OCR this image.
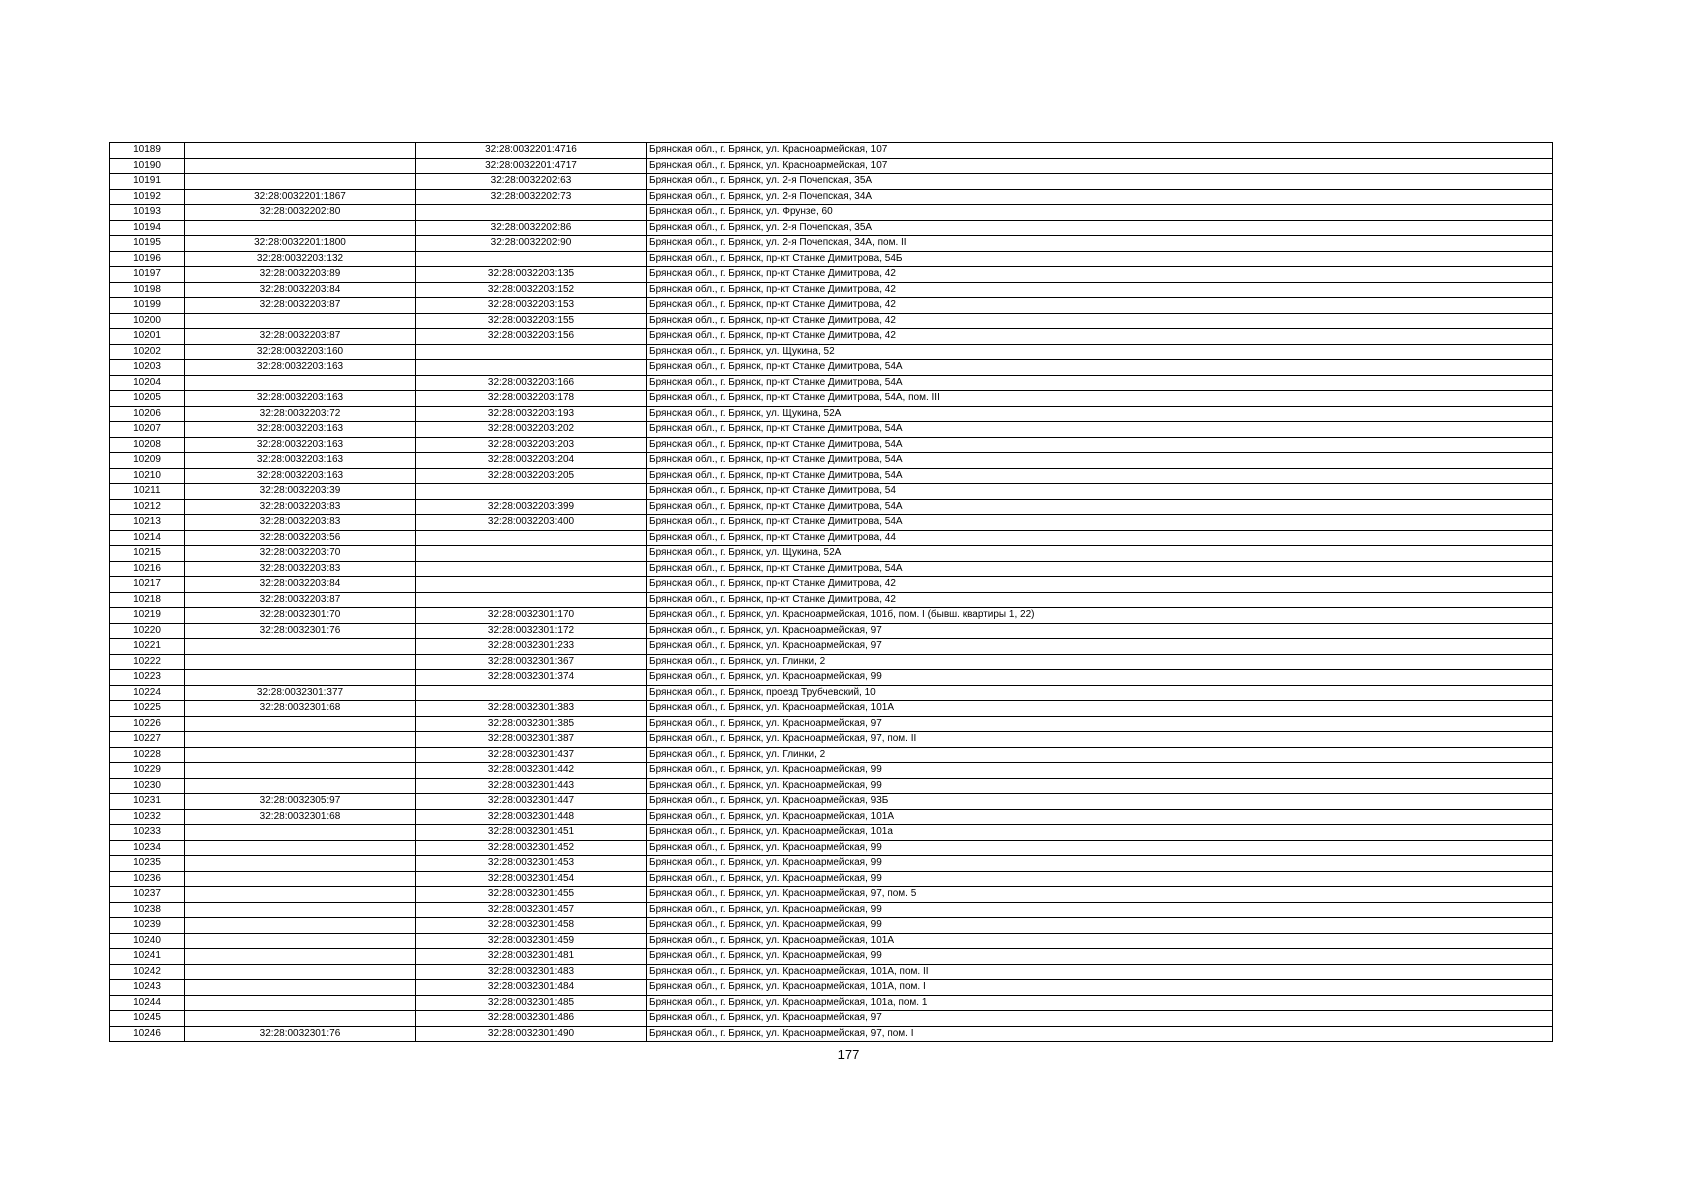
10189		32:28:0032201:4716	Брянская обл., г. Брянск, ул. Красноармейская, 107
10190		32:28:0032201:4717	Брянская обл., г. Брянск, ул. Красноармейская, 107
10191		32:28:0032202:63	Брянская обл., г. Брянск, ул. 2-я Почепская, 35А
10192	32:28:0032201:1867	32:28:0032202:73	Брянская обл., г. Брянск, ул. 2-я Почепская, 34А
10193	32:28:0032202:80		Брянская обл., г. Брянск, ул. Фрунзе, 60
10194		32:28:0032202:86	Брянская обл., г. Брянск, ул. 2-я Почепская, 35А
10195	32:28:0032201:1800	32:28:0032202:90	Брянская обл., г. Брянск, ул. 2-я Почепская, 34А, пом. II
10196	32:28:0032203:132		Брянская обл., г. Брянск, пр-кт Станке Димитрова, 54Б
10197	32:28:0032203:89	32:28:0032203:135	Брянская обл., г. Брянск, пр-кт Станке Димитрова, 42
10198	32:28:0032203:84	32:28:0032203:152	Брянская обл., г. Брянск, пр-кт Станке Димитрова, 42
10199	32:28:0032203:87	32:28:0032203:153	Брянская обл., г. Брянск, пр-кт Станке Димитрова, 42
10200		32:28:0032203:155	Брянская обл., г. Брянск, пр-кт Станке Димитрова, 42
10201	32:28:0032203:87	32:28:0032203:156	Брянская обл., г. Брянск, пр-кт Станке Димитрова, 42
10202	32:28:0032203:160		Брянская обл., г. Брянск, ул. Щукина, 52
10203	32:28:0032203:163		Брянская обл., г. Брянск, пр-кт Станке Димитрова, 54А
10204		32:28:0032203:166	Брянская обл., г. Брянск, пр-кт Станке Димитрова, 54А
10205	32:28:0032203:163	32:28:0032203:178	Брянская обл., г. Брянск, пр-кт Станке Димитрова, 54А, пом. III
10206	32:28:0032203:72	32:28:0032203:193	Брянская обл., г. Брянск, ул. Щукина, 52А
10207	32:28:0032203:163	32:28:0032203:202	Брянская обл., г. Брянск, пр-кт Станке Димитрова, 54А
10208	32:28:0032203:163	32:28:0032203:203	Брянская обл., г. Брянск, пр-кт Станке Димитрова, 54А
10209	32:28:0032203:163	32:28:0032203:204	Брянская обл., г. Брянск, пр-кт Станке Димитрова, 54А
10210	32:28:0032203:163	32:28:0032203:205	Брянская обл., г. Брянск, пр-кт Станке Димитрова, 54А
10211	32:28:0032203:39		Брянская обл., г. Брянск, пр-кт Станке Димитрова, 54
10212	32:28:0032203:83	32:28:0032203:399	Брянская обл., г. Брянск, пр-кт Станке Димитрова, 54А
10213	32:28:0032203:83	32:28:0032203:400	Брянская обл., г. Брянск, пр-кт Станке Димитрова, 54А
10214	32:28:0032203:56		Брянская обл., г. Брянск, пр-кт Станке Димитрова, 44
10215	32:28:0032203:70		Брянская обл., г. Брянск, ул. Щукина, 52А
10216	32:28:0032203:83		Брянская обл., г. Брянск, пр-кт Станке Димитрова, 54А
10217	32:28:0032203:84		Брянская обл., г. Брянск, пр-кт Станке Димитрова, 42
10218	32:28:0032203:87		Брянская обл., г. Брянск, пр-кт Станке Димитрова, 42
10219	32:28:0032301:70	32:28:0032301:170	Брянская обл., г. Брянск, ул. Красноармейская, 101б, пом. I (бывш. квартиры 1, 22)
10220	32:28:0032301:76	32:28:0032301:172	Брянская обл., г. Брянск, ул. Красноармейская, 97
10221		32:28:0032301:233	Брянская обл., г. Брянск, ул. Красноармейская, 97
10222		32:28:0032301:367	Брянская обл., г. Брянск, ул. Глинки, 2
10223		32:28:0032301:374	Брянская обл., г. Брянск, ул. Красноармейская, 99
10224	32:28:0032301:377		Брянская обл., г. Брянск, проезд Трубчевский, 10
10225	32:28:0032301:68	32:28:0032301:383	Брянская обл., г. Брянск, ул. Красноармейская, 101А
10226		32:28:0032301:385	Брянская обл., г. Брянск, ул. Красноармейская, 97
10227		32:28:0032301:387	Брянская обл., г. Брянск, ул. Красноармейская, 97, пом. II
10228		32:28:0032301:437	Брянская обл., г. Брянск, ул. Глинки, 2
10229		32:28:0032301:442	Брянская обл., г. Брянск, ул. Красноармейская, 99
10230		32:28:0032301:443	Брянская обл., г. Брянск, ул. Красноармейская, 99
10231	32:28:0032305:97	32:28:0032301:447	Брянская обл., г. Брянск, ул. Красноармейская, 93Б
10232	32:28:0032301:68	32:28:0032301:448	Брянская обл., г. Брянск, ул. Красноармейская, 101А
10233		32:28:0032301:451	Брянская обл., г. Брянск, ул. Красноармейская, 101а
10234		32:28:0032301:452	Брянская обл., г. Брянск, ул. Красноармейская, 99
10235		32:28:0032301:453	Брянская обл., г. Брянск, ул. Красноармейская, 99
10236		32:28:0032301:454	Брянская обл., г. Брянск, ул. Красноармейская, 99
10237		32:28:0032301:455	Брянская обл., г. Брянск, ул. Красноармейская, 97, пом. 5
10238		32:28:0032301:457	Брянская обл., г. Брянск, ул. Красноармейская, 99
10239		32:28:0032301:458	Брянская обл., г. Брянск, ул. Красноармейская, 99
10240		32:28:0032301:459	Брянская обл., г. Брянск, ул. Красноармейская, 101А
10241		32:28:0032301:481	Брянская обл., г. Брянск, ул. Красноармейская, 99
10242		32:28:0032301:483	Брянская обл., г. Брянск, ул. Красноармейская, 101А, пом. II
10243		32:28:0032301:484	Брянская обл., г. Брянск, ул. Красноармейская, 101А, пом. I
10244		32:28:0032301:485	Брянская обл., г. Брянск, ул. Красноармейская, 101а, пом. 1
10245		32:28:0032301:486	Брянская обл., г. Брянск, ул. Красноармейская, 97
10246	32:28:0032301:76	32:28:0032301:490	Брянская обл., г. Брянск, ул. Красноармейская, 97, пом. I
177
